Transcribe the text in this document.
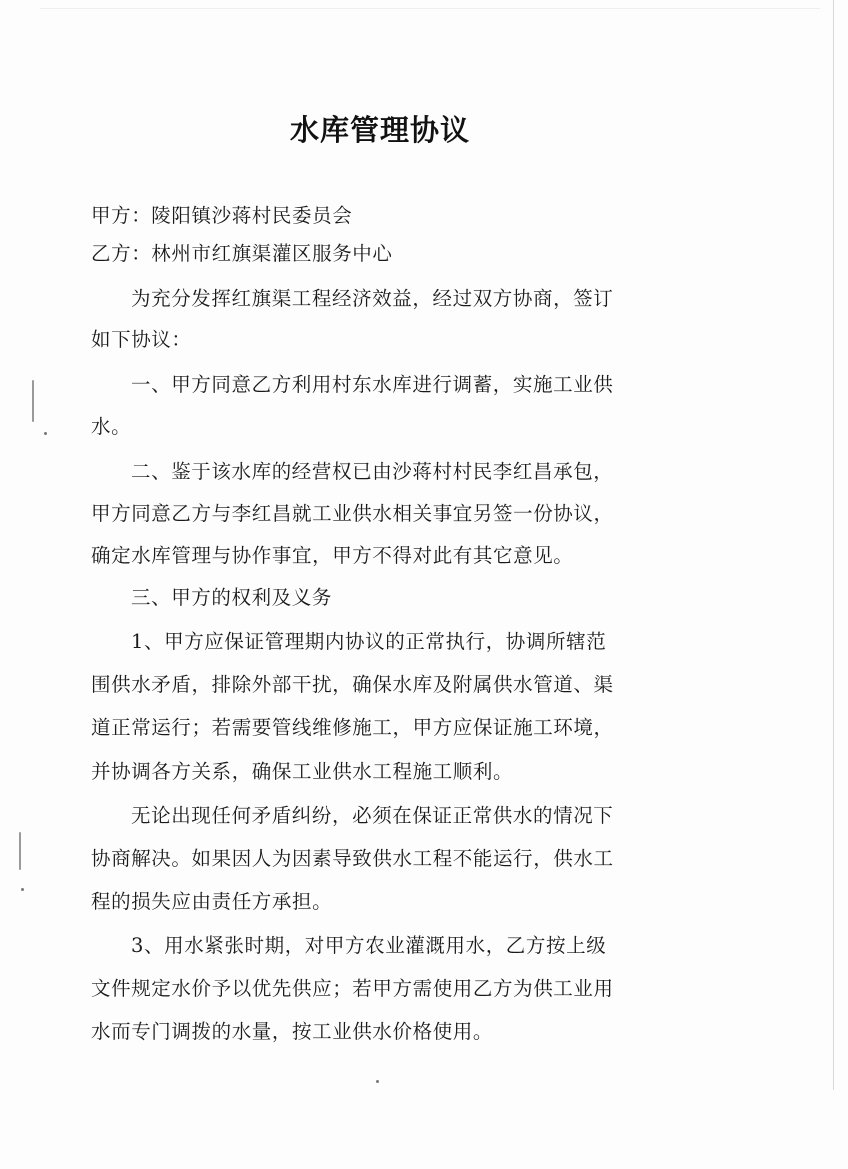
水库管理协议

甲方：陵阳镇沙蒋村民委员会

乙方：林州市红旗渠灌区服务中心

为充分发挥红旗渠工程经济效益，经过双方协商，签订

如下协议：

一、甲方同意乙方利用村东水库进行调蓄，实施工业供

水。

二、鉴于该水库的经营权已由沙蒋村村民李红昌承包，

甲方同意乙方与李红昌就工业供水相关事宜另签一份协议，

确定水库管理与协作事宜，甲方不得对此有其它意见。

三、甲方的权利及义务

1、甲方应保证管理期内协议的正常执行，协调所辖范

围供水矛盾，排除外部干扰，确保水库及附属供水管道、渠

道正常运行；若需要管线维修施工，甲方应保证施工环境，

并协调各方关系，确保工业供水工程施工顺利。

无论出现任何矛盾纠纷，必须在保证正常供水的情况下

协商解决。如果因人为因素导致供水工程不能运行，供水工

程的损失应由责任方承担。

3、用水紧张时期，对甲方农业灌溉用水，乙方按上级

文件规定水价予以优先供应；若甲方需使用乙方为供工业用

水而专门调拨的水量，按工业供水价格使用。
